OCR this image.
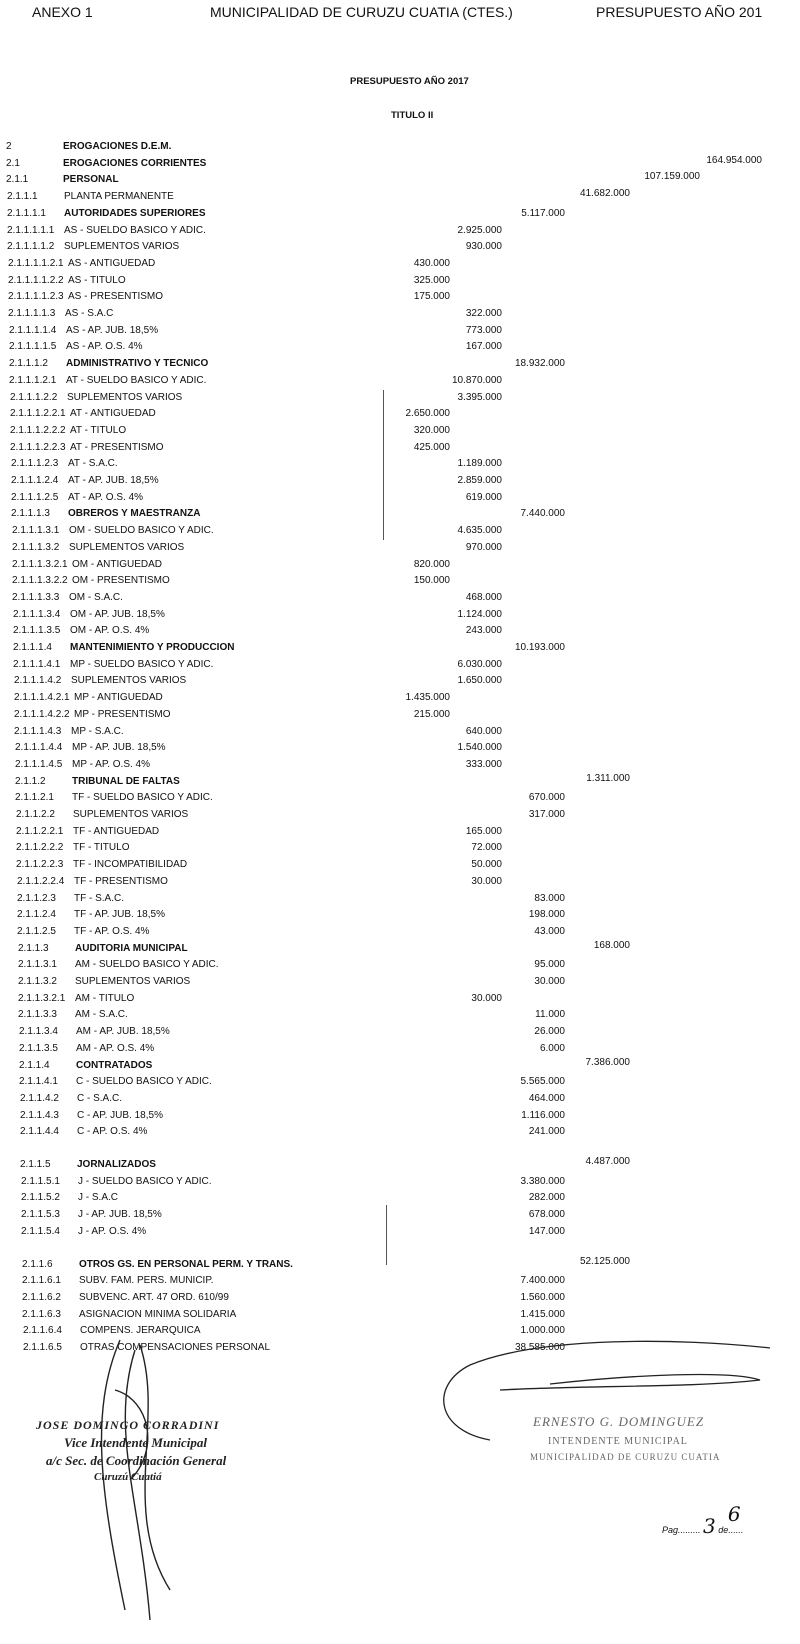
ANEXO 1	MUNICIPALIDAD DE CURUZU CUATIA (CTES.)	PRESUPUESTO AÑO 201
PRESUPUESTO AÑO 2017
TITULO II
2	EROGACIONES D.E.M.
2.1	EROGACIONES CORRIENTES	164.954.000
2.1.1	PERSONAL	107.159.000
2.1.1.1	PLANTA PERMANENTE	41.682.000
2.1.1.1.1 AUTORIDADES SUPERIORES	5.117.000
2.1.1.1.1.1 AS - SUELDO BASICO Y ADIC.	2.925.000
2.1.1.1.1.2 SUPLEMENTOS VARIOS	930.000
2.1.1.1.1.2.1 AS - ANTIGUEDAD	430.000
2.1.1.1.1.2.2 AS - TITULO	325.000
2.1.1.1.1.2.3 AS - PRESENTISMO	175.000
2.1.1.1.1.3 AS - S.A.C	322.000
2.1.1.1.1.4 AS - AP. JUB. 18,5%	773.000
2.1.1.1.1.5 AS - AP. O.S. 4%	167.000
2.1.1.1.2 ADMINISTRATIVO Y TECNICO	18.932.000
2.1.1.1.2.1 AT - SUELDO BASICO Y ADIC.	10.870.000
2.1.1.1.2.2 SUPLEMENTOS VARIOS	3.395.000
2.1.1.1.2.2.1 AT - ANTIGUEDAD	2.650.000
2.1.1.1.2.2.2 AT - TITULO	320.000
2.1.1.1.2.2.3 AT - PRESENTISMO	425.000
2.1.1.1.2.3 AT - S.A.C.	1.189.000
2.1.1.1.2.4 AT - AP. JUB. 18,5%	2.859.000
2.1.1.1.2.5 AT - AP. O.S. 4%	619.000
2.1.1.1.3 OBREROS Y MAESTRANZA	7.440.000
2.1.1.1.3.1 OM - SUELDO BASICO Y ADIC.	4.635.000
2.1.1.1.3.2 SUPLEMENTOS VARIOS	970.000
2.1.1.1.3.2.1 OM - ANTIGUEDAD	820.000
2.1.1.1.3.2.2 OM - PRESENTISMO	150.000
2.1.1.1.3.3 OM - S.A.C.	468.000
2.1.1.1.3.4 OM - AP. JUB. 18,5%	1.124.000
2.1.1.1.3.5 OM - AP. O.S. 4%	243.000
2.1.1.1.4 MANTENIMIENTO Y PRODUCCION	10.193.000
2.1.1.1.4.1 MP - SUELDO BASICO Y ADIC.	6.030.000
2.1.1.1.4.2 SUPLEMENTOS VARIOS	1.650.000
2.1.1.1.4.2.1 MP - ANTIGUEDAD	1.435.000
2.1.1.1.4.2.2 MP - PRESENTISMO	215.000
2.1.1.1.4.3 MP - S.A.C.	640.000
2.1.1.1.4.4 MP - AP. JUB. 18,5%	1.540.000
2.1.1.1.4.5 MP - AP. O.S. 4%	333.000
2.1.1.2	TRIBUNAL DE FALTAS	1.311.000
2.1.1.2.1 TF - SUELDO BASICO Y ADIC.	670.000
2.1.1.2.2 SUPLEMENTOS VARIOS	317.000
2.1.1.2.2.1 TF - ANTIGUEDAD	165.000
2.1.1.2.2.2 TF - TITULO	72.000
2.1.1.2.2.3 TF - INCOMPATIBILIDAD	50.000
2.1.1.2.2.4 TF - PRESENTISMO	30.000
2.1.1.2.3 TF - S.A.C.	83.000
2.1.1.2.4 TF - AP. JUB. 18,5%	198.000
2.1.1.2.5 TF - AP. O.S. 4%	43.000
2.1.1.3	AUDITORIA MUNICIPAL	168.000
2.1.1.3.1 AM - SUELDO BASICO Y ADIC.	95.000
2.1.1.3.2 SUPLEMENTOS VARIOS	30.000
2.1.1.3.2.1 AM - TITULO	30.000
2.1.1.3.3 AM - S.A.C.	11.000
2.1.1.3.4 AM - AP. JUB. 18,5%	26.000
2.1.1.3.5 AM - AP. O.S. 4%	6.000
2.1.1.4	CONTRATADOS	7.386.000
2.1.1.4.1 C - SUELDO BASICO Y ADIC.	5.565.000
2.1.1.4.2 C - S.A.C.	464.000
2.1.1.4.3 C - AP. JUB. 18,5%	1.116.000
2.1.1.4.4 C - AP. O.S. 4%	241.000
2.1.1.5	JORNALIZADOS	4.487.000
2.1.1.5.1 J - SUELDO BASICO Y ADIC.	3.380.000
2.1.1.5.2 J - S.A.C	282.000
2.1.1.5.3 J - AP. JUB. 18,5%	678.000
2.1.1.5.4 J - AP. O.S. 4%	147.000
2.1.1.6	OTROS GS. EN PERSONAL PERM. Y TRANS.	52.125.000
2.1.1.6.1 SUBV. FAM. PERS. MUNICIP.	7.400.000
2.1.1.6.2 SUBVENC. ART. 47 ORD. 610/99	1.560.000
2.1.1.6.3 ASIGNACION MINIMA SOLIDARIA	1.415.000
2.1.1.6.4 COMPENS. JERARQUICA	1.000.000
2.1.1.6.5 OTRAS COMPENSACIONES PERSONAL	38.585.000
JOSE DOMINGO CORRADINI
Vice Intendente Municipal
a/c Sec. de Coordinación General
Curuzú Cuatiá
ERNESTO G. DOMINGUEZ
INTENDENTE MUNICIPAL
MUNICIPALIDAD DE CURUZU CUATIA
Pag......... 3 de...... 6
